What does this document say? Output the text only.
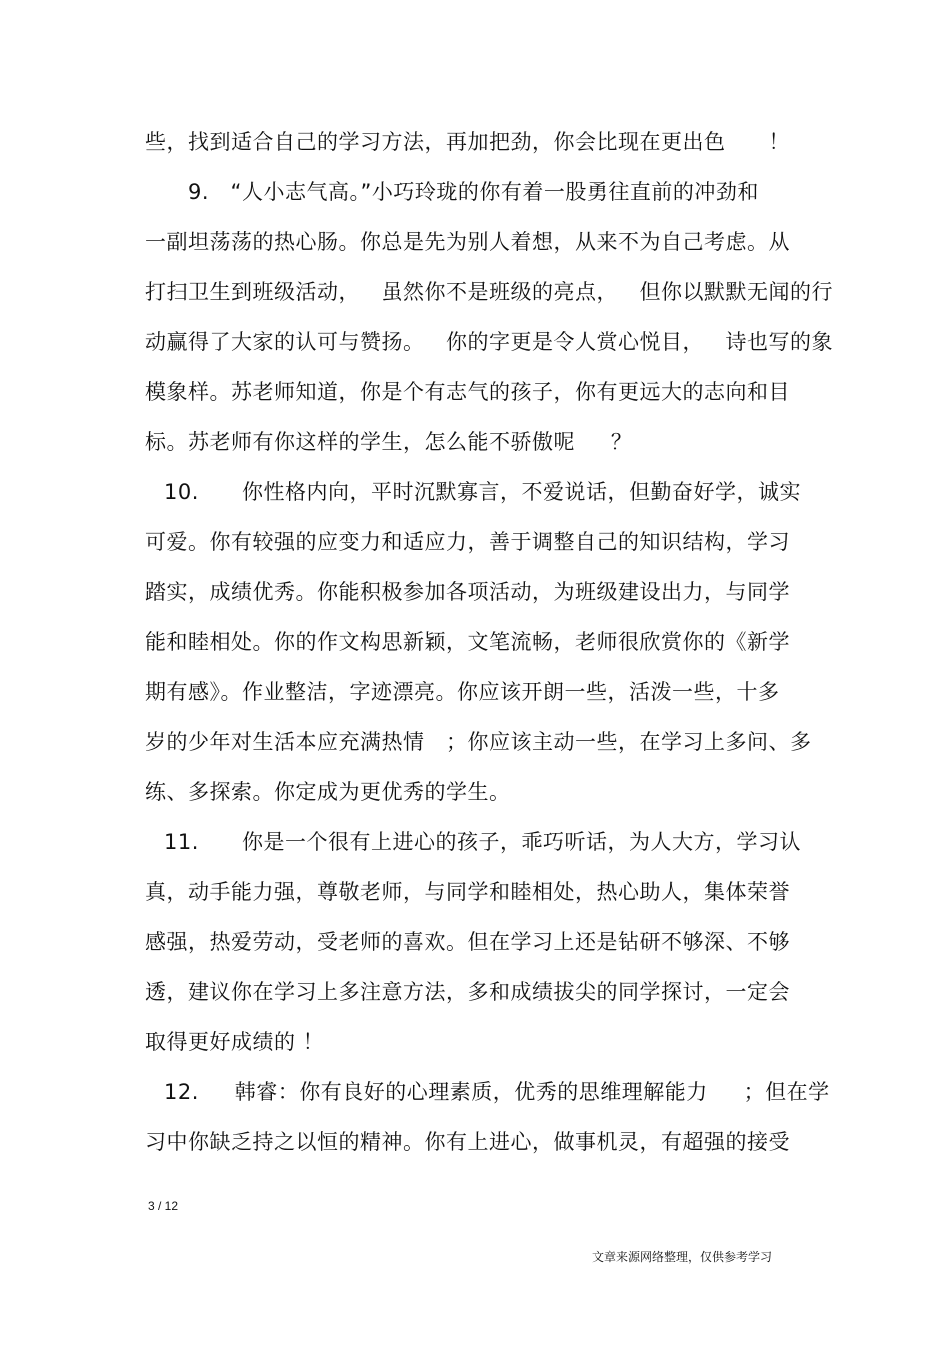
些，找到适合自己的学习方法，再加把劲，你会比现在更出色      ！
9.   “人小志气高。”小巧玲珑的你有着一股勇往直前的冲劲和
一副坦荡荡的热心肠。你总是先为别人着想，从来不为自己考虑。从
打扫卫生到班级活动，   虽然你不是班级的亮点，   但你以默默无闻的行
动赢得了大家的认可与赞扬。   你的字更是令人赏心悦目，   诗也写的象
模象样。苏老师知道，你是个有志气的孩子，你有更远大的志向和目
标。苏老师有你这样的学生，怎么能不骄傲呢     ？
10.      你性格内向，平时沉默寡言，不爱说话，但勤奋好学，诚实
可爱。你有较强的应变力和适应力，善于调整自己的知识结构，学习
踏实，成绩优秀。你能积极参加各项活动，为班级建设出力，与同学
能和睦相处。你的作文构思新颖，文笔流畅，老师很欣赏你的《新学
期有感》。作业整洁，字迹漂亮。你应该开朗一些，活泼一些，十多
岁的少年对生活本应充满热情   ；你应该主动一些，在学习上多问、多
练、多探索。你定成为更优秀的学生。
11.      你是一个很有上进心的孩子，乖巧听话，为人大方，学习认
真，动手能力强，尊敬老师，与同学和睦相处，热心助人，集体荣誉
感强，热爱劳动，受老师的喜欢。但在学习上还是钻研不够深、不够
透，建议你在学习上多注意方法，多和成绩拔尖的同学探讨，一定会
取得更好成绩的 ！
12.     韩睿：你有良好的心理素质，优秀的思维理解能力     ；但在学
习中你缺乏持之以恒的精神。你有上进心，做事机灵，有超强的接受
3 / 12
文章来源网络整理，仅供参考学习
